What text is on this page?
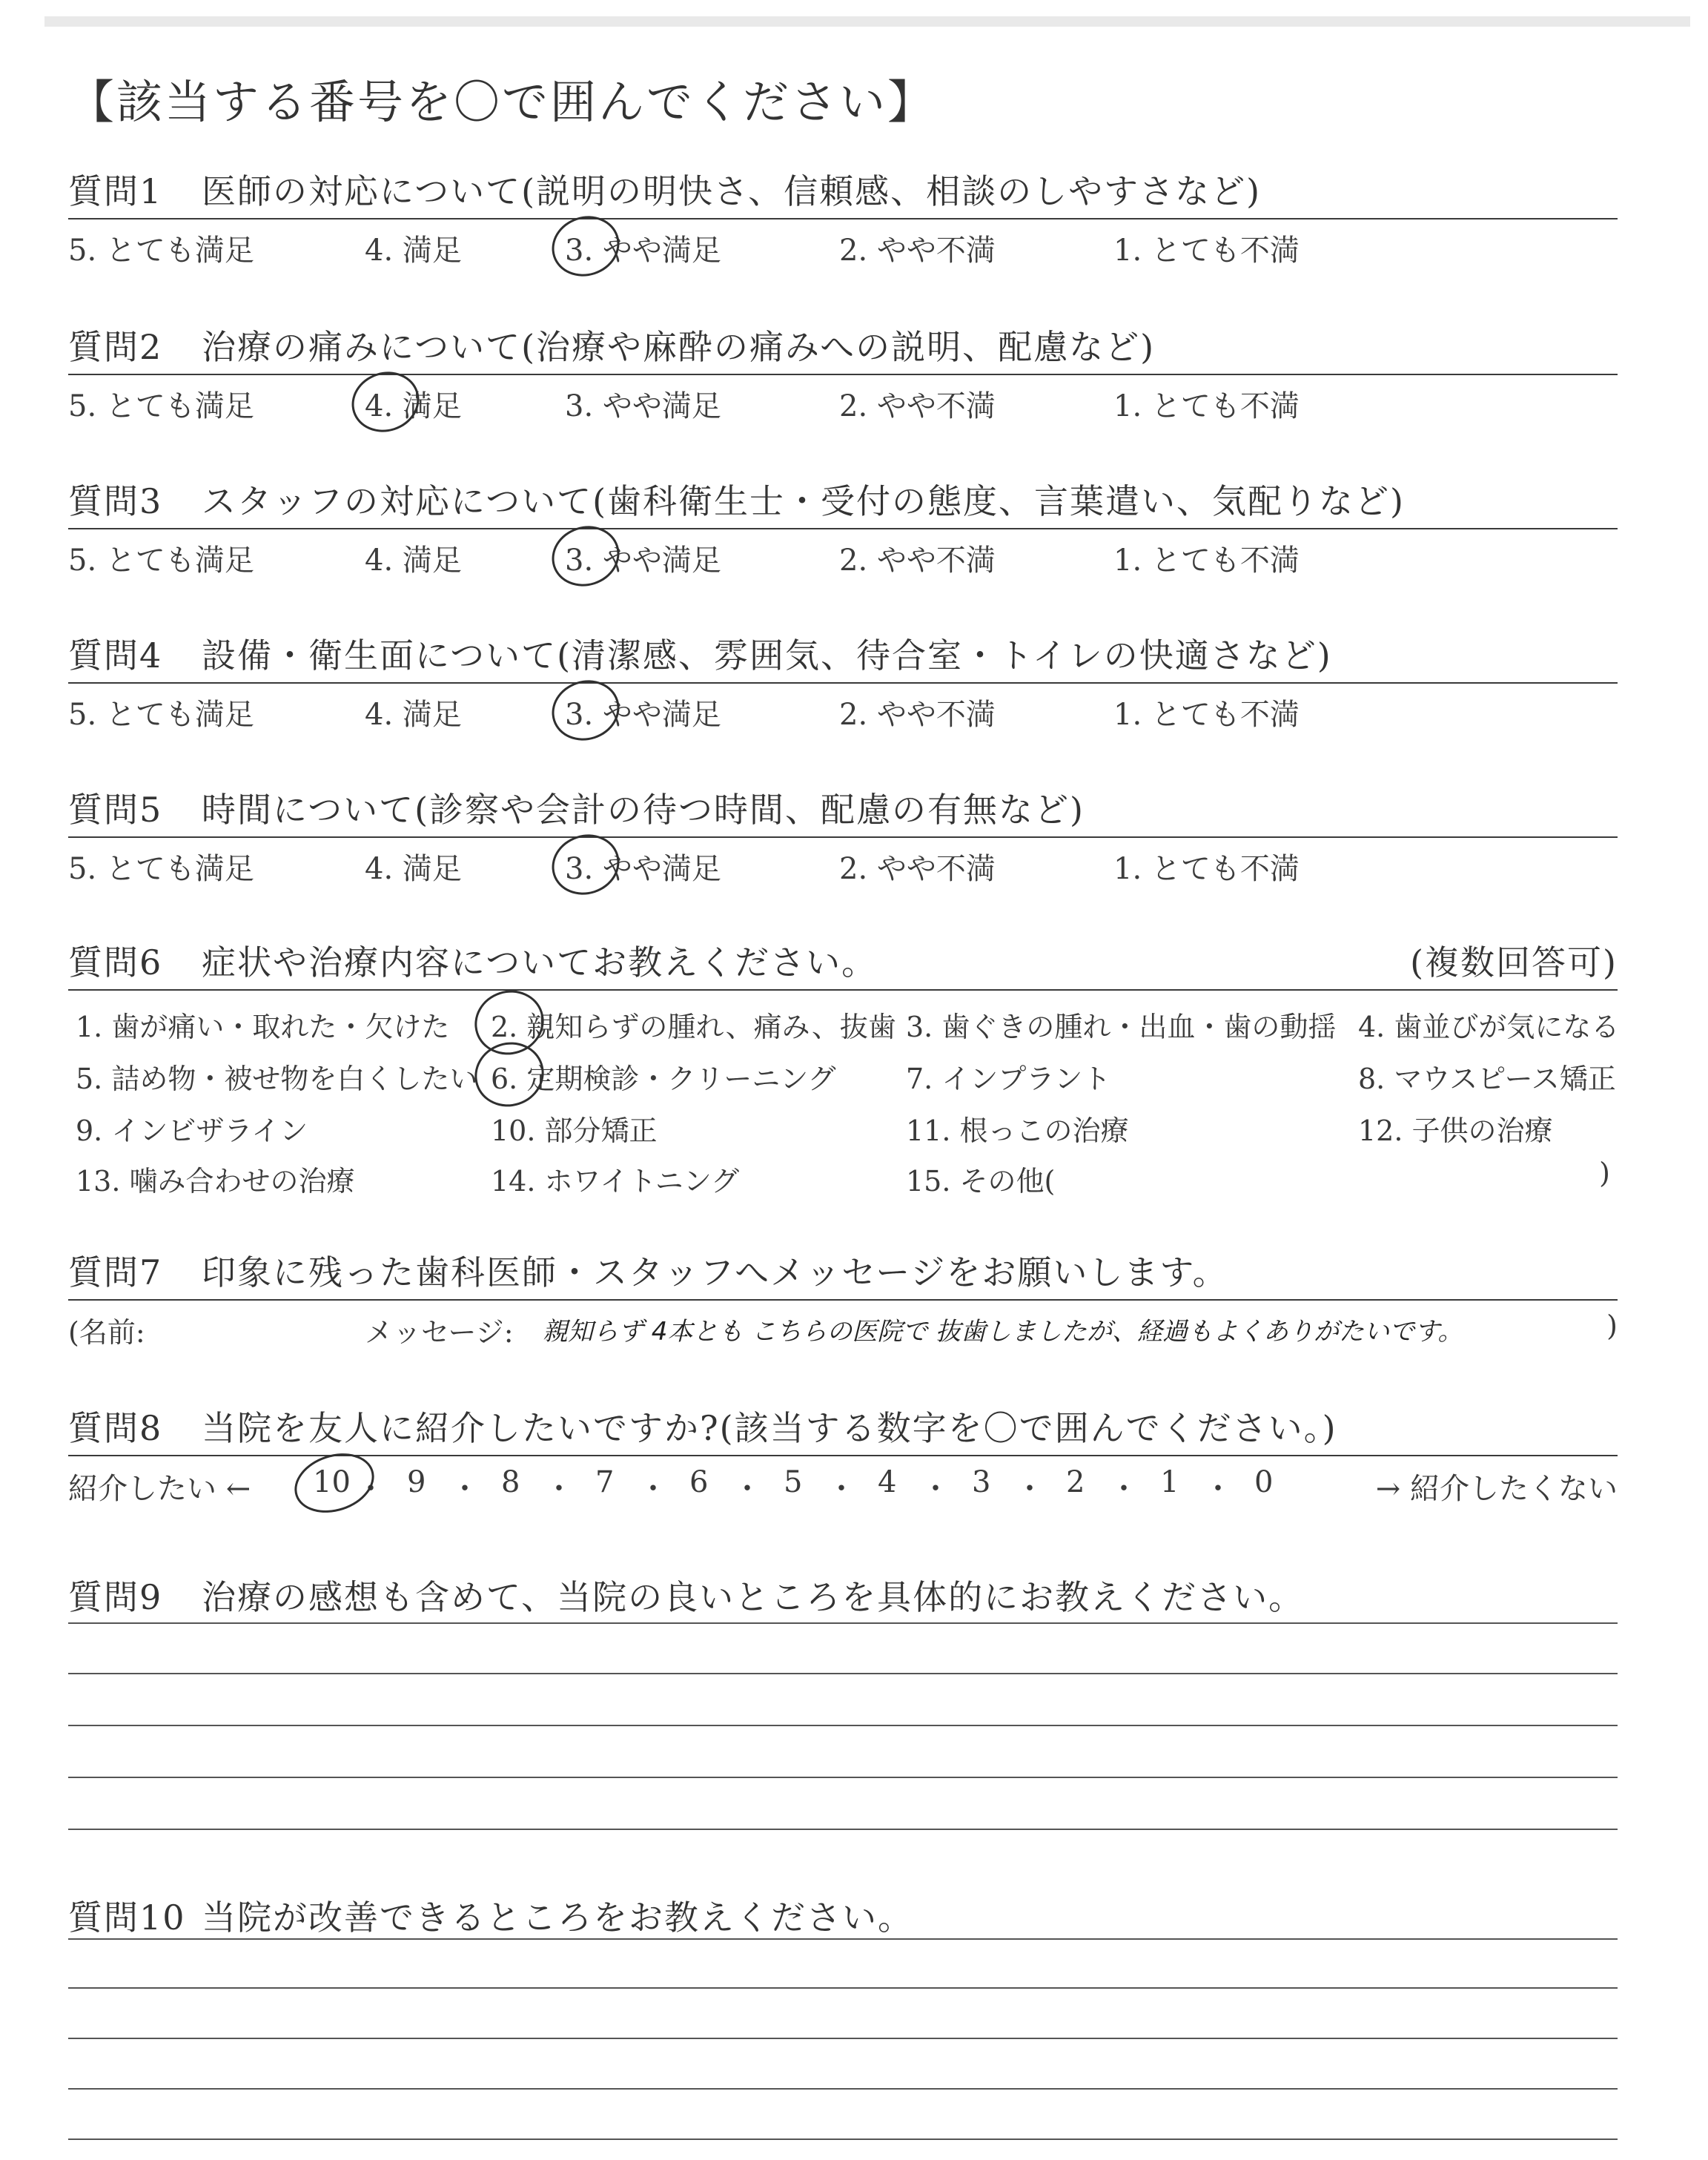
【該当する番号を〇で囲んでください】
質問1	医師の対応について(説明の明快さ、信頼感、相談のしやすさなど)
5. とても満足	4. 満足	3. やや満足	2. やや不満	1. とても不満
質問2	治療の痛みについて(治療や麻酔の痛みへの説明、配慮など)
5. とても満足	4. 満足	3. やや満足	2. やや不満	1. とても不満
質問3	スタッフの対応について(歯科衛生士・受付の態度、言葉遣い、気配りなど)
5. とても満足	4. 満足	3. やや満足	2. やや不満	1. とても不満
質問4	設備・衛生面について(清潔感、雰囲気、待合室・トイレの快適さなど)
5. とても満足	4. 満足	3. やや満足	2. やや不満	1. とても不満
質問5	時間について(診察や会計の待つ時間、配慮の有無など)
5. とても満足	4. 満足	3. やや満足	2. やや不満	1. とても不満
質問6	症状や治療内容についてお教えください。	(複数回答可)
)
1. 歯が痛い・取れた・欠けた 2. 親知らずの腫れ、痛み、抜歯 3. 歯ぐきの腫れ・出血・歯の動揺 4. 歯並びが気になる
5. 詰め物・被せ物を白くしたい 6. 定期検診・クリーニング 7. インプラント	8. マウスピース矯正
9. インビザライン	10. 部分矯正	11. 根っこの治療	12. 子供の治療
13. 噛み合わせの治療	14. ホワイトニング	15. その他(
質問7	印象に残った歯科医師・スタッフへメッセージをお願いします。
(名前:	メッセージ: 親知らず 4本とも こちらの医院で 抜歯しましたが、経過もよくありがたいです。	)
質問8	当院を友人に紹介したいですか?(該当する数字を〇で囲んでください。)
紹介したい ←	→ 紹介したくない
10 ・ 9 ・ 8 ・ 7 ・ 6 ・ 5 ・ 4 ・ 3 ・ 2 ・ 1 ・ 0
質問9	治療の感想も含めて、当院の良いところを具体的にお教えください。
質問10 当院が改善できるところをお教えください。
